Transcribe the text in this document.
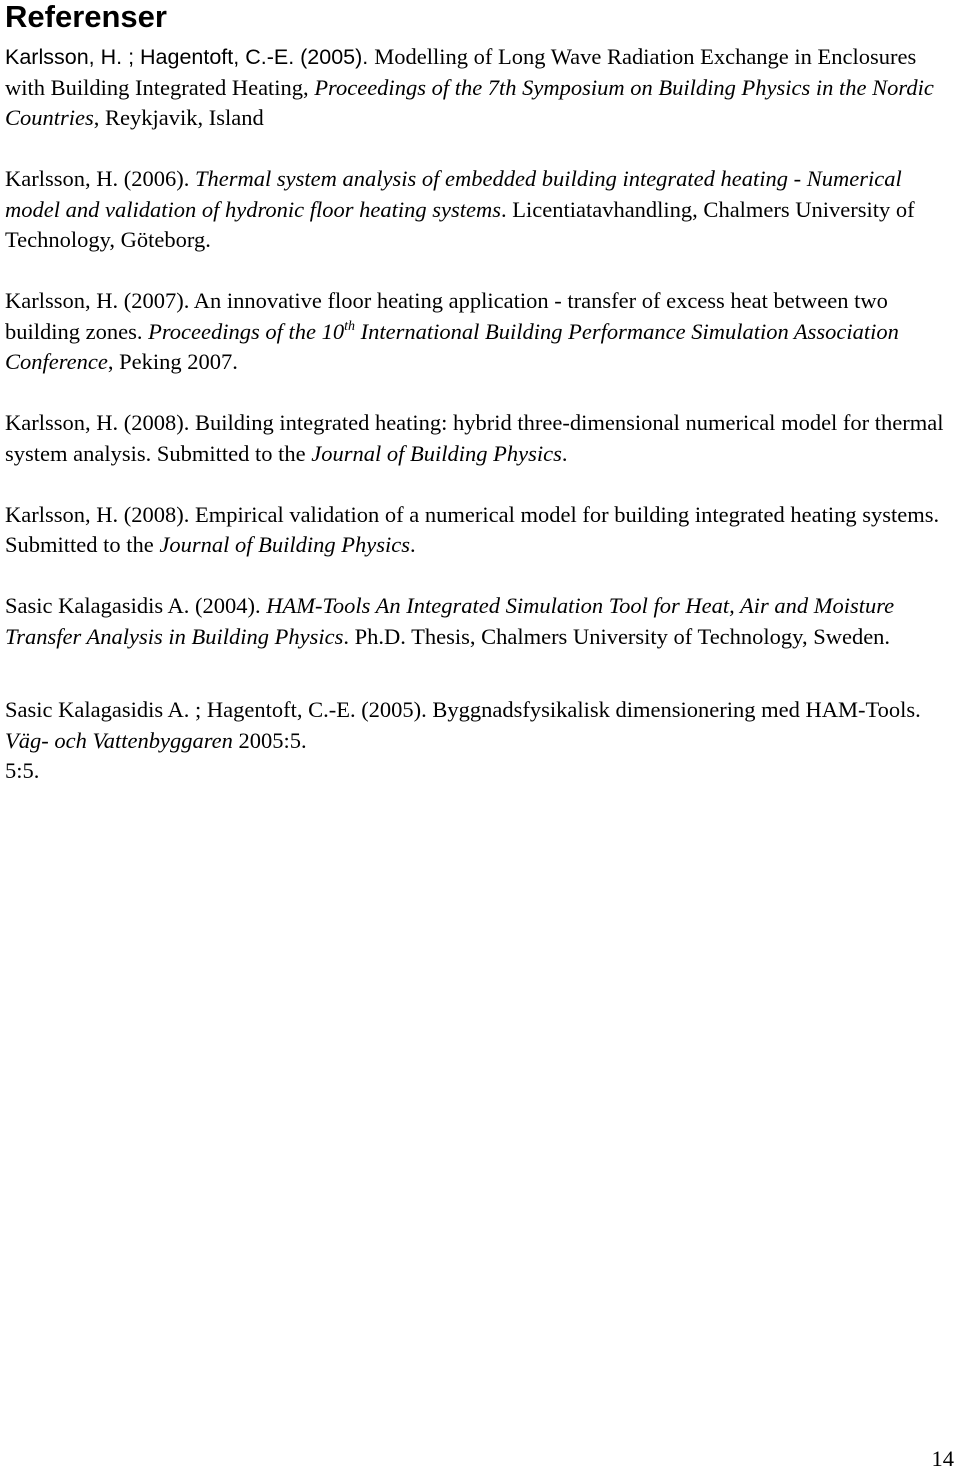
Referenser

Karlsson, H. ; Hagentoft, C.-E. (2005). Modelling of Long Wave Radiation Exchange in Enclosures with Building Integrated Heating, Proceedings of the 7th Symposium on Building Physics in the Nordic Countries, Reykjavik, Island

Karlsson, H. (2006). Thermal system analysis of embedded building integrated heating - Numerical model and validation of hydronic floor heating systems. Licentiatavhandling, Chalmers University of Technology, Göteborg.

Karlsson, H. (2007). An innovative floor heating application - transfer of excess heat between two building zones. Proceedings of the 10th International Building Performance Simulation Association Conference, Peking 2007.

Karlsson, H. (2008). Building integrated heating: hybrid three-dimensional numerical model for thermal system analysis. Submitted to the Journal of Building Physics.

Karlsson, H. (2008). Empirical validation of a numerical model for building integrated heating systems. Submitted to the Journal of Building Physics.

Sasic Kalagasidis A. (2004). HAM-Tools An Integrated Simulation Tool for Heat, Air and Moisture Transfer Analysis in Building Physics. Ph.D. Thesis, Chalmers University of Technology, Sweden.

Sasic Kalagasidis A. ; Hagentoft, C.-E. (2005). Byggnadsfysikalisk dimensionering med HAM-Tools. Väg- och Vattenbyggaren 2005:5.
5:5.

14
